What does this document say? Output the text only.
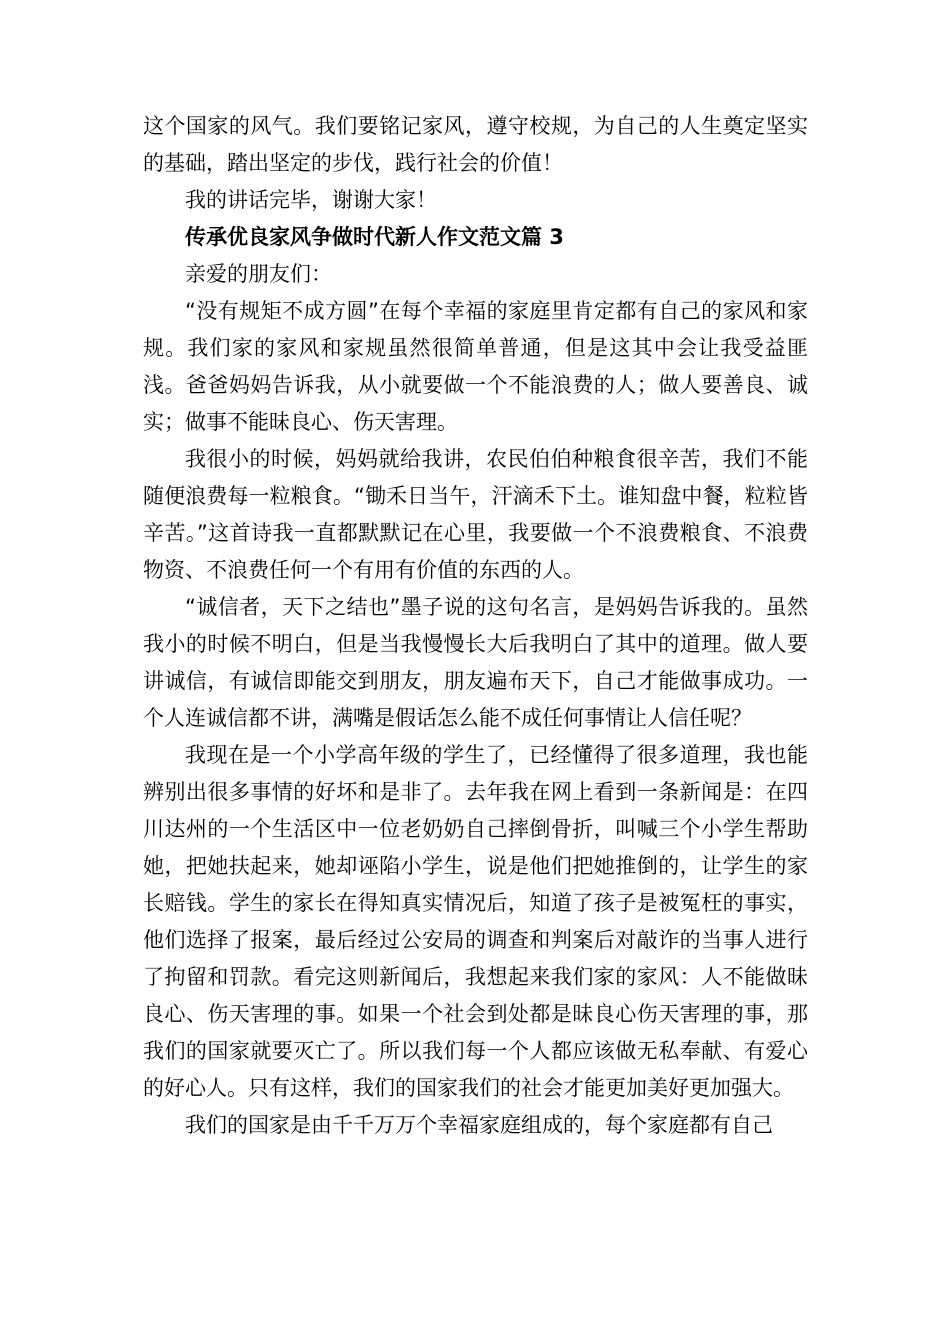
这个国家的风气。我们要铭记家风，遵守校规，为自己的人生奠定坚实的基础，踏出坚定的步伐，践行社会的价值！

我的讲话完毕，谢谢大家！

传承优良家风争做时代新人作文范文篇 3

亲爱的朋友们：

“没有规矩不成方圆”在每个幸福的家庭里肯定都有自己的家风和家规。我们家的家风和家规虽然很简单普通，但是这其中会让我受益匪浅。爸爸妈妈告诉我，从小就要做一个不能浪费的人；做人要善良、诚实；做事不能昧良心、伤天害理。

我很小的时候，妈妈就给我讲，农民伯伯种粮食很辛苦，我们不能随便浪费每一粒粮食。“锄禾日当午，汗滴禾下土。谁知盘中餐，粒粒皆辛苦。”这首诗我一直都默默记在心里，我要做一个不浪费粮食、不浪费物资、不浪费任何一个有用有价值的东西的人。

“诚信者，天下之结也”墨子说的这句名言，是妈妈告诉我的。虽然我小的时候不明白，但是当我慢慢长大后我明白了其中的道理。做人要讲诚信，有诚信即能交到朋友，朋友遍布天下，自己才能做事成功。一个人连诚信都不讲，满嘴是假话怎么能不成任何事情让人信任呢？

我现在是一个小学高年级的学生了，已经懂得了很多道理，我也能辨别出很多事情的好坏和是非了。去年我在网上看到一条新闻是：在四川达州的一个生活区中一位老奶奶自己摔倒骨折，叫喊三个小学生帮助她，把她扶起来，她却诬陷小学生，说是他们把她推倒的，让学生的家长赔钱。学生的家长在得知真实情况后，知道了孩子是被冤枉的事实，他们选择了报案，最后经过公安局的调查和判案后对敲诈的当事人进行了拘留和罚款。看完这则新闻后，我想起来我们家的家风：人不能做昧良心、伤天害理的事。如果一个社会到处都是昧良心伤天害理的事，那我们的国家就要灭亡了。所以我们每一个人都应该做无私奉献、有爱心的好心人。只有这样，我们的国家我们的社会才能更加美好更加强大。

我们的国家是由千千万万个幸福家庭组成的，每个家庭都有自己
